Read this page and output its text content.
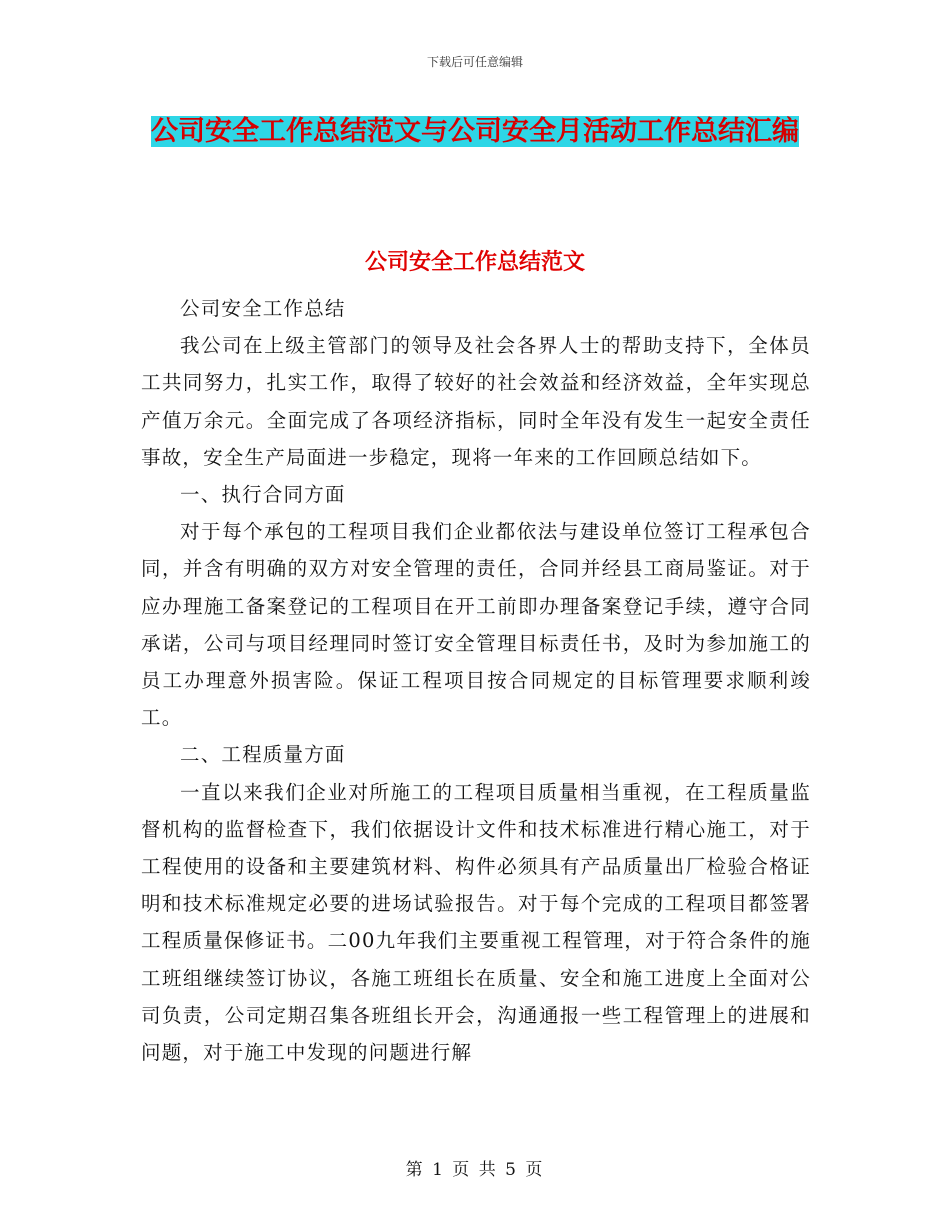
下载后可任意编辑
公司安全工作总结范文与公司安全月活动工作总结汇编
公司安全工作总结范文

公司安全工作总结

我公司在上级主管部门的领导及社会各界人士的帮助支持下，全体员工共同努力，扎实工作，取得了较好的社会效益和经济效益，全年实现总产值万余元。全面完成了各项经济指标，同时全年没有发生一起安全责任事故，安全生产局面进一步稳定，现将一年来的工作回顾总结如下。

一、执行合同方面

对于每个承包的工程项目我们企业都依法与建设单位签订工程承包合同，并含有明确的双方对安全管理的责任，合同并经县工商局鉴证。对于应办理施工备案登记的工程项目在开工前即办理备案登记手续，遵守合同承诺，公司与项目经理同时签订安全管理目标责任书，及时为参加施工的员工办理意外损害险。保证工程项目按合同规定的目标管理要求顺利竣工。

二、工程质量方面

一直以来我们企业对所施工的工程项目质量相当重视，在工程质量监督机构的监督检查下，我们依据设计文件和技术标准进行精心施工，对于工程使用的设备和主要建筑材料、构件必须具有产品质量出厂检验合格证明和技术标准规定必要的进场试验报告。对于每个完成的工程项目都签署工程质量保修证书。二00九年我们主要重视工程管理，对于符合条件的施工班组继续签订协议，各施工班组长在质量、安全和施工进度上全面对公司负责，公司定期召集各班组长开会，沟通通报一些工程管理上的进展和问题，对于施工中发现的问题进行解

第 1 页 共 5 页
